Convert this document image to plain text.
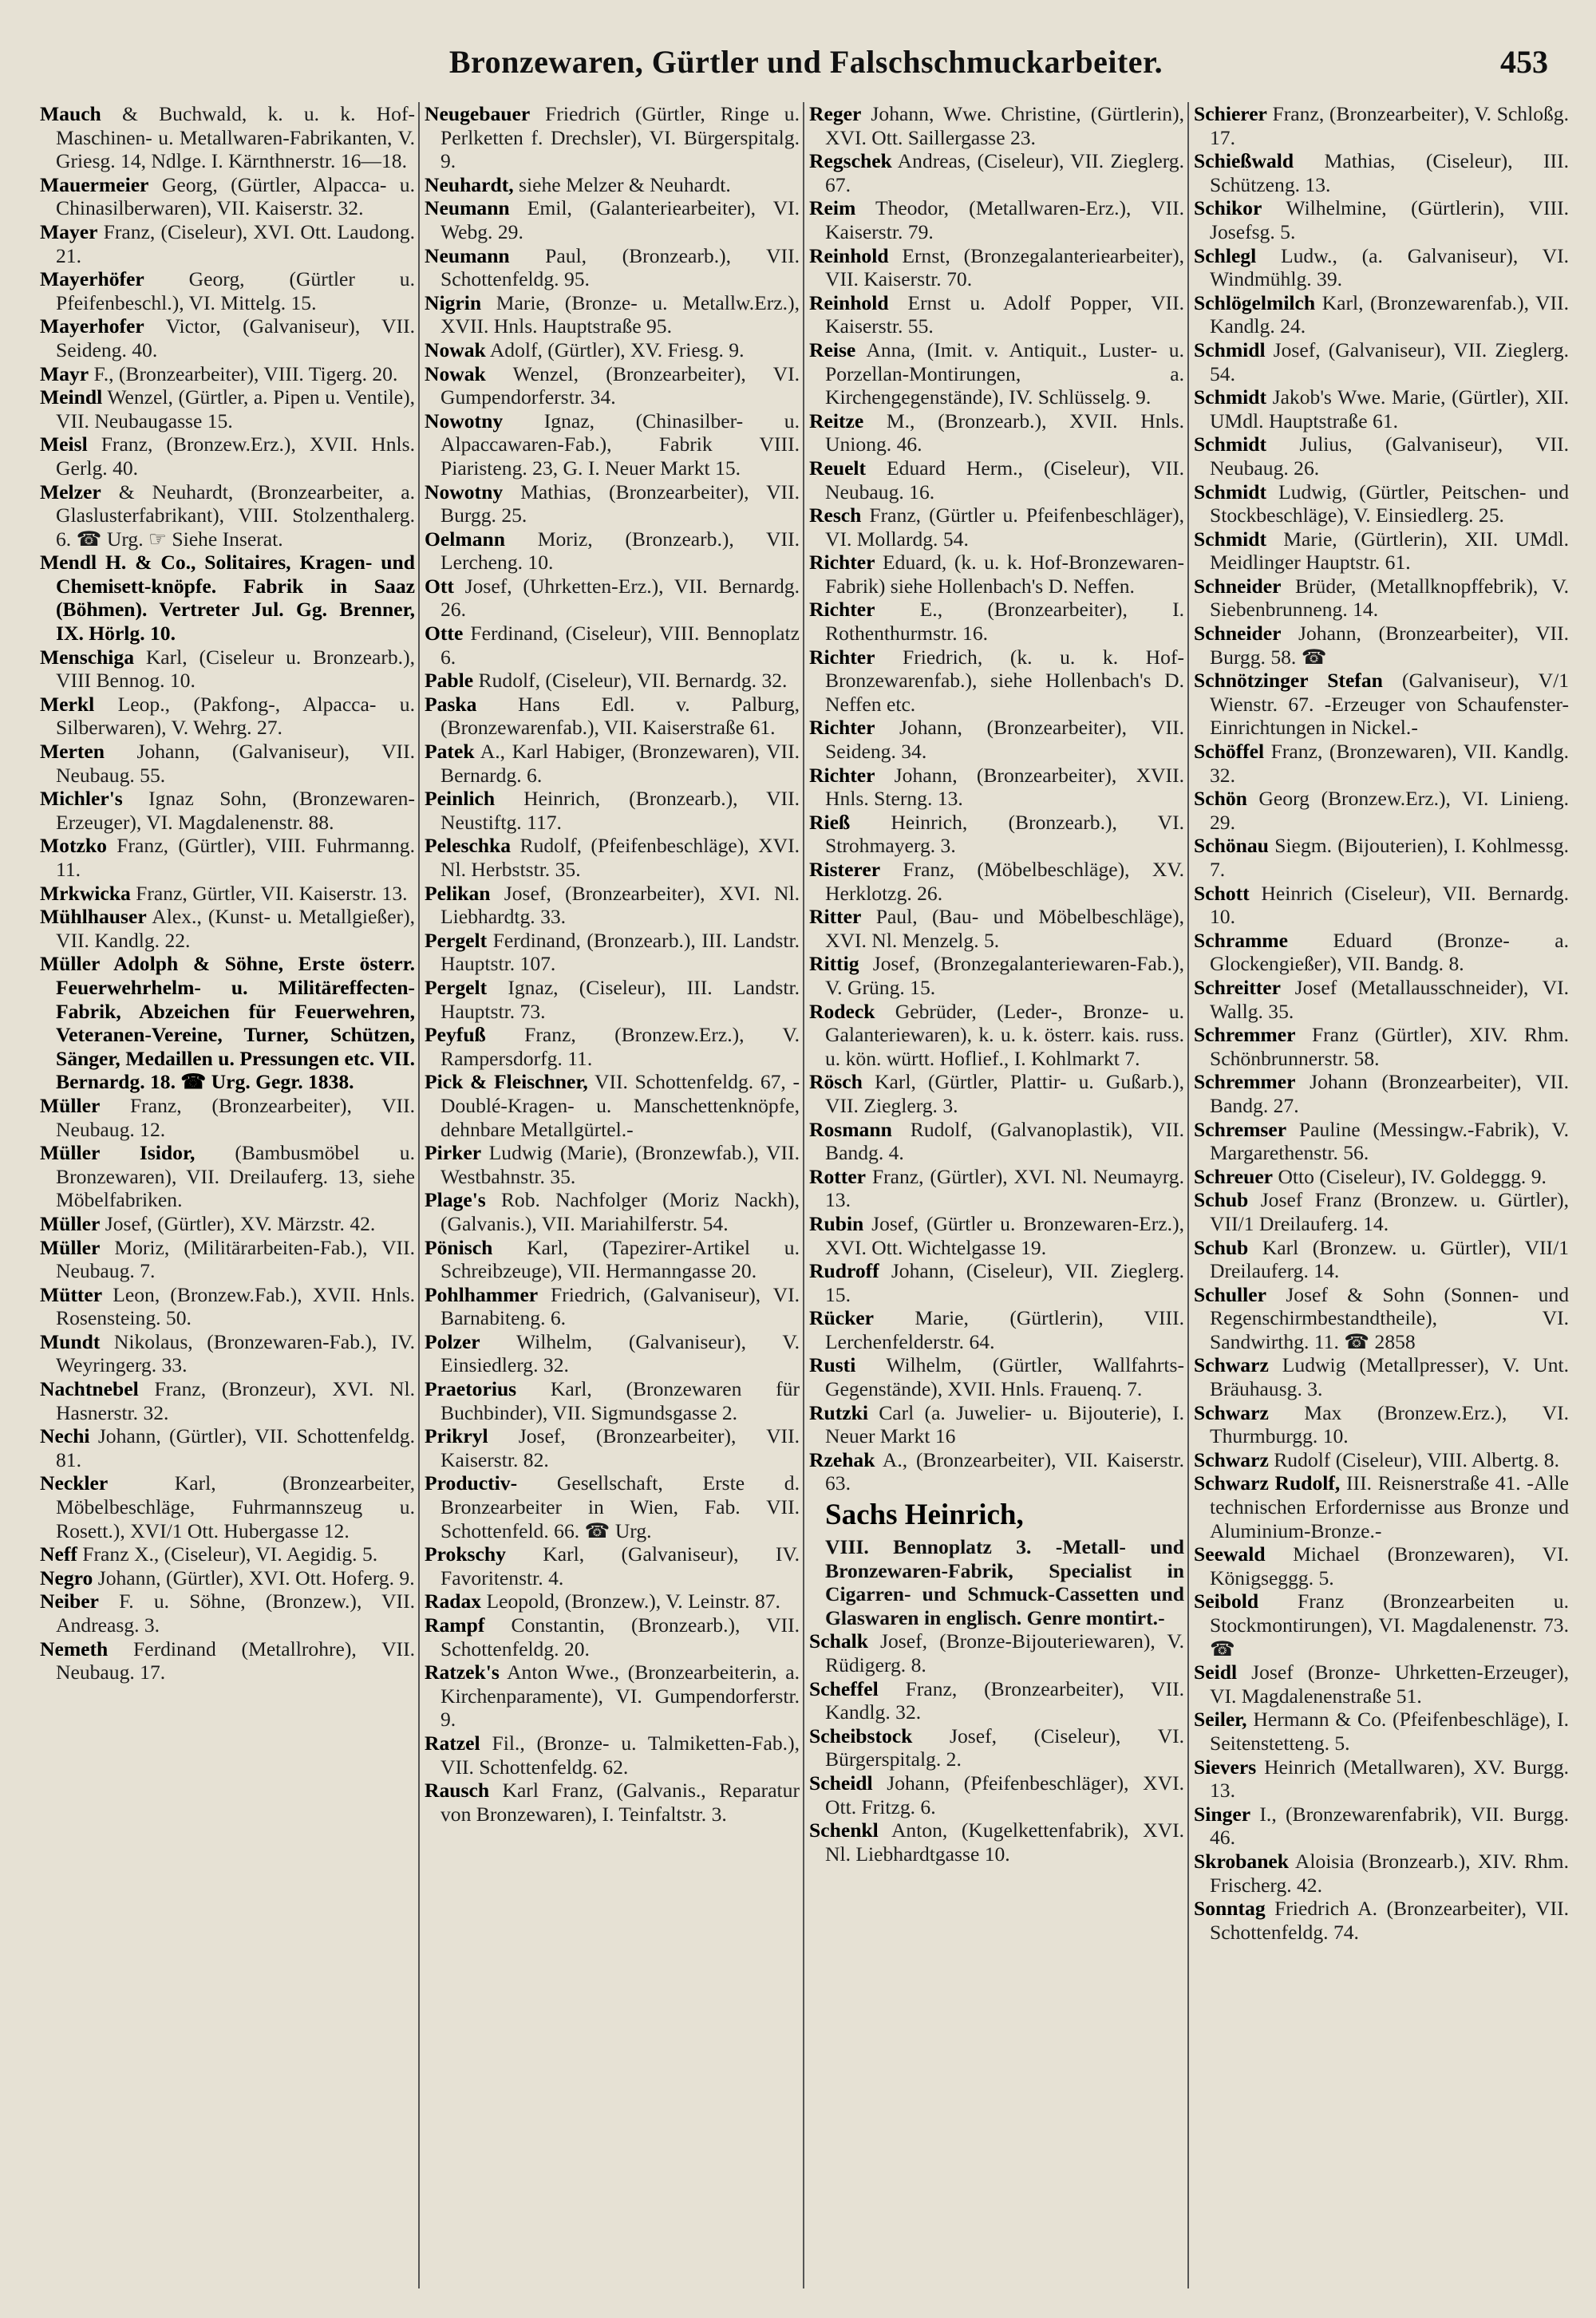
Bronzewaren, Gürtler und Falschschmuckarbeiter.	453

Mauch & Buchwald, k. u. k. Hof-Maschinen- u. Metallwaren-Fabrikanten, V. Griesg. 14, Ndlge. I. Kärnthnerstr. 16—18.

Mauermeier Georg, (Gürtler, Alpacca- u. Chinasilberwaren), VII. Kaiserstr. 32.

Mayer Franz, (Ciseleur), XVI. Ott. Laudong. 21.

Mayerhöfer Georg, (Gürtler u. Pfeifenbeschl.), VI. Mittelg. 15.

Mayerhofer Victor, (Galvaniseur), VII. Seideng. 40.

Mayr F., (Bronzearbeiter), VIII. Tigerg. 20.

Meindl Wenzel, (Gürtler, a. Pipen u. Ventile), VII. Neubaugasse 15.

Meisl Franz, (Bronzew.Erz.), XVII. Hnls. Gerlg. 40.

Melzer & Neuhardt, (Bronzearbeiter, a. Glaslusterfabrikant), VIII. Stolzenthalerg. 6. ☎ Urg. ☞ Siehe Inserat.

Mendl H. & Co., Solitaires, Kragen- und Chemisett-knöpfe. Fabrik in Saaz (Böhmen). Vertreter Jul. Gg. Brenner, IX. Hörlg. 10.

Menschiga Karl, (Ciseleur u. Bronzearb.), VIII Bennog. 10.

Merkl Leop., (Pakfong-, Alpacca- u. Silberwaren), V. Wehrg. 27.

Merten Johann, (Galvaniseur), VII. Neubaug. 55.

Michler's Ignaz Sohn, (Bronzewaren-Erzeuger), VI. Magdalenenstr. 88.

Motzko Franz, (Gürtler), VIII. Fuhrmanng. 11.

Mrkwicka Franz, Gürtler, VII. Kaiserstr. 13.

Mühlhauser Alex., (Kunst- u. Metallgießer), VII. Kandlg. 22.

Müller Adolph & Söhne, Erste österr. Feuerwehrhelm- u. Militäreffecten-Fabrik, Abzeichen für Feuerwehren, Veteranen-Vereine, Turner, Schützen, Sänger, Medaillen u. Pressungen etc. VII. Bernardg. 18. ☎ Urg. Gegr. 1838.

Müller Franz, (Bronzearbeiter), VII. Neubaug. 12.

Müller Isidor, (Bambusmöbel u. Bronzewaren), VII. Dreilauferg. 13, siehe Möbelfabriken.

Müller Josef, (Gürtler), XV. Märzstr. 42.

Müller Moriz, (Militärarbeiten-Fab.), VII. Neubaug. 7.

Mütter Leon, (Bronzew.Fab.), XVII. Hnls. Rosensteing. 50.

Mundt Nikolaus, (Bronzewaren-Fab.), IV. Weyringerg. 33.

Nachtnebel Franz, (Bronzeur), XVI. Nl. Hasnerstr. 32.

Nechi Johann, (Gürtler), VII. Schottenfeldg. 81.

Neckler Karl, (Bronzearbeiter, Möbelbeschläge, Fuhrmannszeug u. Rosett.), XVI/1 Ott. Hubergasse 12.

Neff Franz X., (Ciseleur), VI. Aegidig. 5.

Negro Johann, (Gürtler), XVI. Ott. Hoferg. 9.

Neiber F. u. Söhne, (Bronzew.), VII. Andreasg. 3.

Nemeth Ferdinand (Metallrohre), VII. Neubaug. 17.

Neugebauer Friedrich (Gürtler, Ringe u. Perlketten f. Drechsler), VI. Bürgerspitalg. 9.

Neuhardt, siehe Melzer & Neuhardt.

Neumann Emil, (Galanteriearbeiter), VI. Webg. 29.

Neumann Paul, (Bronzearb.), VII. Schottenfeldg. 95.

Nigrin Marie, (Bronze- u. Metallw.Erz.), XVII. Hnls. Hauptstraße 95.

Nowak Adolf, (Gürtler), XV. Friesg. 9.

Nowak Wenzel, (Bronzearbeiter), VI. Gumpendorferstr. 34.

Nowotny Ignaz, (Chinasilber- u. Alpaccawaren-Fab.), Fabrik VIII. Piaristeng. 23, G. I. Neuer Markt 15.

Nowotny Mathias, (Bronzearbeiter), VII. Burgg. 25.

Oelmann Moriz, (Bronzearb.), VII. Lercheng. 10.

Ott Josef, (Uhrketten-Erz.), VII. Bernardg. 26.

Otte Ferdinand, (Ciseleur), VIII. Bennoplatz 6.

Pable Rudolf, (Ciseleur), VII. Bernardg. 32.

Paska Hans Edl. v. Palburg, (Bronzewarenfab.), VII. Kaiserstraße 61.

Patek A., Karl Habiger, (Bronzewaren), VII. Bernardg. 6.

Peinlich Heinrich, (Bronzearb.), VII. Neustiftg. 117.

Peleschka Rudolf, (Pfeifenbeschläge), XVI. Nl. Herbststr. 35.

Pelikan Josef, (Bronzearbeiter), XVI. Nl. Liebhardtg. 33.

Pergelt Ferdinand, (Bronzearb.), III. Landstr. Hauptstr. 107.

Pergelt Ignaz, (Ciseleur), III. Landstr. Hauptstr. 73.

Peyfuß Franz, (Bronzew.Erz.), V. Rampersdorfg. 11.

Pick & Fleischner, VII. Schottenfeldg. 67, -Doublé-Kragen- u. Manschettenknöpfe, dehnbare Metallgürtel.-

Pirker Ludwig (Marie), (Bronzewfab.), VII. Westbahnstr. 35.

Plage's Rob. Nachfolger (Moriz Nackh), (Galvanis.), VII. Mariahilferstr. 54.

Pönisch Karl, (Tapezirer-Artikel u. Schreibzeuge), VII. Hermanngasse 20.

Pohlhammer Friedrich, (Galvaniseur), VI. Barnabiteng. 6.

Polzer Wilhelm, (Galvaniseur), V. Einsiedlerg. 32.

Praetorius Karl, (Bronzewaren für Buchbinder), VII. Sigmundsgasse 2.

Prikryl Josef, (Bronzearbeiter), VII. Kaiserstr. 82.

Productiv- Gesellschaft, Erste d. Bronzearbeiter in Wien, Fab. VII. Schottenfeld. 66. ☎ Urg.

Prokschy Karl, (Galvaniseur), IV. Favoritenstr. 4.

Radax Leopold, (Bronzew.), V. Leinstr. 87.

Rampf Constantin, (Bronzearb.), VII. Schottenfeldg. 20.

Ratzek's Anton Wwe., (Bronzearbeiterin, a. Kirchenparamente), VI. Gumpendorferstr. 9.

Ratzel Fil., (Bronze- u. Talmiketten-Fab.), VII. Schottenfeldg. 62.

Rausch Karl Franz, (Galvanis., Reparatur von Bronzewaren), I. Teinfaltstr. 3.

Reger Johann, Wwe. Christine, (Gürtlerin), XVI. Ott. Saillergasse 23.

Regschek Andreas, (Ciseleur), VII. Zieglerg. 67.

Reim Theodor, (Metallwaren-Erz.), VII. Kaiserstr. 79.

Reinhold Ernst, (Bronzegalanteriearbeiter), VII. Kaiserstr. 70.

Reinhold Ernst u. Adolf Popper, VII. Kaiserstr. 55.

Reise Anna, (Imit. v. Antiquit., Luster- u. Porzellan-Montirungen, a. Kirchengegenstände), IV. Schlüsselg. 9.

Reitze M., (Bronzearb.), XVII. Hnls. Uniong. 46.

Reuelt Eduard Herm., (Ciseleur), VII. Neubaug. 16.

Resch Franz, (Gürtler u. Pfeifenbeschläger), VI. Mollardg. 54.

Richter Eduard, (k. u. k. Hof-Bronzewaren-Fabrik) siehe Hollenbach's D. Neffen.

Richter E., (Bronzearbeiter), I. Rothenthurmstr. 16.

Richter Friedrich, (k. u. k. Hof-Bronzewarenfab.), siehe Hollenbach's D. Neffen etc.

Richter Johann, (Bronzearbeiter), VII. Seideng. 34.

Richter Johann, (Bronzearbeiter), XVII. Hnls. Sterng. 13.

Rieß Heinrich, (Bronzearb.), VI. Strohmayerg. 3.

Risterer Franz, (Möbelbeschläge), XV. Herklotzg. 26.

Ritter Paul, (Bau- und Möbelbeschläge), XVI. Nl. Menzelg. 5.

Rittig Josef, (Bronzegalanteriewaren-Fab.), V. Grüng. 15.

Rodeck Gebrüder, (Leder-, Bronze- u. Galanteriewaren), k. u. k. österr. kais. russ. u. kön. württ. Hoflief., I. Kohlmarkt 7.

Rösch Karl, (Gürtler, Plattir- u. Gußarb.), VII. Zieglerg. 3.

Rosmann Rudolf, (Galvanoplastik), VII. Bandg. 4.

Rotter Franz, (Gürtler), XVI. Nl. Neumayrg. 13.

Rubin Josef, (Gürtler u. Bronzewaren-Erz.), XVI. Ott. Wichtelgasse 19.

Rudroff Johann, (Ciseleur), VII. Zieglerg. 15.

Rücker Marie, (Gürtlerin), VIII. Lerchenfelderstr. 64.

Rusti Wilhelm, (Gürtler, Wallfahrts-Gegenstände), XVII. Hnls. Frauenq. 7.

Rutzki Carl (a. Juwelier- u. Bijouterie), I. Neuer Markt 16

Rzehak A., (Bronzearbeiter), VII. Kaiserstr. 63.

Sachs Heinrich,
VIII. Bennoplatz 3. -Metall- und Bronzewaren-Fabrik, Specialist in Cigarren- und Schmuck-Cassetten und Glaswaren in englisch. Genre montirt.-

Schalk Josef, (Bronze-Bijouteriewaren), V. Rüdigerg. 8.

Scheffel Franz, (Bronzearbeiter), VII. Kandlg. 32.

Scheibstock Josef, (Ciseleur), VI. Bürgerspitalg. 2.

Scheidl Johann, (Pfeifenbeschläger), XVI. Ott. Fritzg. 6.

Schenkl Anton, (Kugelkettenfabrik), XVI. Nl. Liebhardtgasse 10.

Schierer Franz, (Bronzearbeiter), V. Schloßg. 17.

Schießwald Mathias, (Ciseleur), III. Schützeng. 13.

Schikor Wilhelmine, (Gürtlerin), VIII. Josefsg. 5.

Schlegl Ludw., (a. Galvaniseur), VI. Windmühlg. 39.

Schlögelmilch Karl, (Bronzewarenfab.), VII. Kandlg. 24.

Schmidl Josef, (Galvaniseur), VII. Zieglerg. 54.

Schmidt Jakob's Wwe. Marie, (Gürtler), XII. UMdl. Hauptstraße 61.

Schmidt Julius, (Galvaniseur), VII. Neubaug. 26.

Schmidt Ludwig, (Gürtler, Peitschen- und Stockbeschläge), V. Einsiedlerg. 25.

Schmidt Marie, (Gürtlerin), XII. UMdl. Meidlinger Hauptstr. 61.

Schneider Brüder, (Metallknopffebrik), V. Siebenbrunneng. 14.

Schneider Johann, (Bronzearbeiter), VII. Burgg. 58. ☎

Schnötzinger Stefan (Galvaniseur), V/1 Wienstr. 67. -Erzeuger von Schaufenster-Einrichtungen in Nickel.-

Schöffel Franz, (Bronzewaren), VII. Kandlg. 32.

Schön Georg (Bronzew.Erz.), VI. Linieng. 29.

Schönau Siegm. (Bijouterien), I. Kohlmessg. 7.

Schott Heinrich (Ciseleur), VII. Bernardg. 10.

Schramme Eduard (Bronze- a. Glockengießer), VII. Bandg. 8.

Schreitter Josef (Metallausschneider), VI. Wallg. 35.

Schremmer Franz (Gürtler), XIV. Rhm. Schönbrunnerstr. 58.

Schremmer Johann (Bronzearbeiter), VII. Bandg. 27.

Schremser Pauline (Messingw.-Fabrik), V. Margarethenstr. 56.

Schreuer Otto (Ciseleur), IV. Goldeggg. 9.

Schub Josef Franz (Bronzew. u. Gürtler), VII/1 Dreilauferg. 14.

Schub Karl (Bronzew. u. Gürtler), VII/1 Dreilauferg. 14.

Schuller Josef & Sohn (Sonnen- und Regenschirmbestandtheile), VI. Sandwirthg. 11. ☎ 2858

Schwarz Ludwig (Metallpresser), V. Unt. Bräuhausg. 3.

Schwarz Max (Bronzew.Erz.), VI. Thurmburgg. 10.

Schwarz Rudolf (Ciseleur), VIII. Albertg. 8.

Schwarz Rudolf, III. Reisnerstraße 41. -Alle technischen Erfordernisse aus Bronze und Aluminium-Bronze.-

Seewald Michael (Bronzewaren), VI. Königseggg. 5.

Seibold Franz (Bronzearbeiten u. Stockmontirungen), VI. Magdalenenstr. 73. ☎

Seidl Josef (Bronze- Uhrketten-Erzeuger), VI. Magdalenenstraße 51.

Seiler, Hermann & Co. (Pfeifenbeschläge), I. Seitenstetteng. 5.

Sievers Heinrich (Metallwaren), XV. Burgg. 13.

Singer I., (Bronzewarenfabrik), VII. Burgg. 46.

Skrobanek Aloisia (Bronzearb.), XIV. Rhm. Frischerg. 42.

Sonntag Friedrich A. (Bronzearbeiter), VII. Schottenfeldg. 74.
